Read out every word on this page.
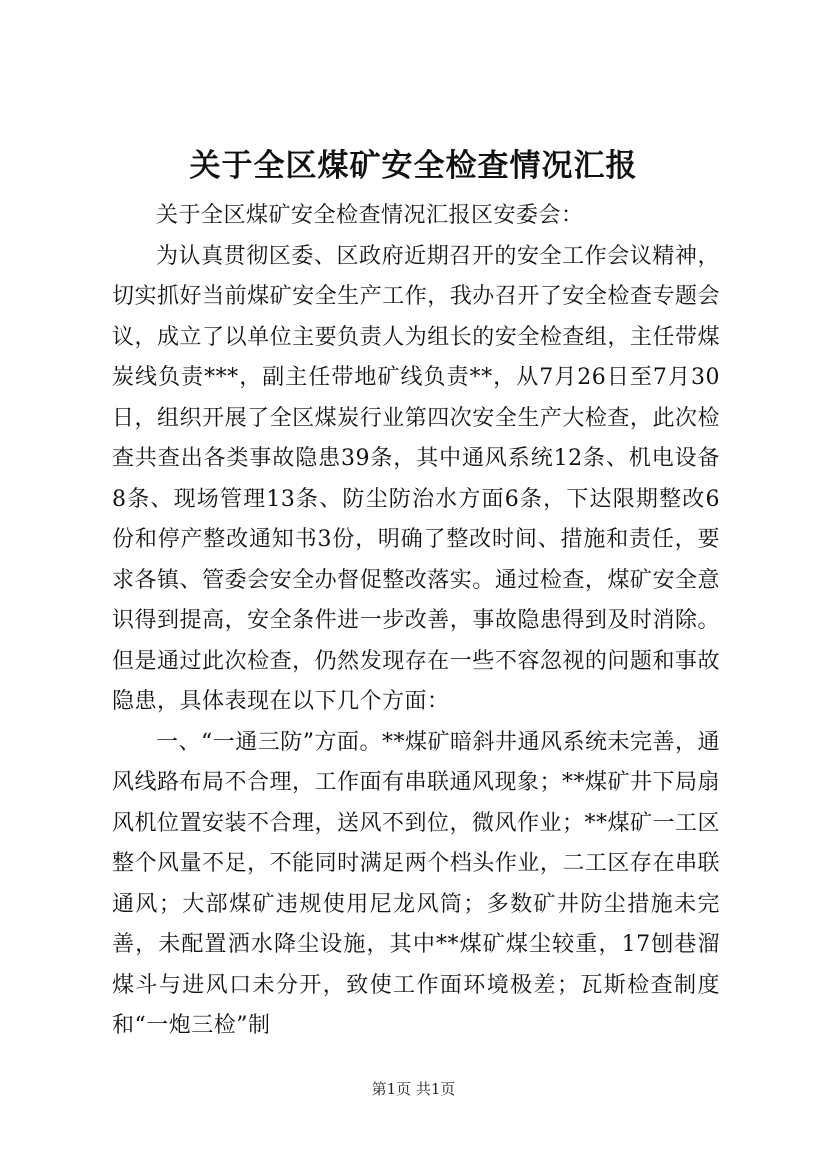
关于全区煤矿安全检查情况汇报

关于全区煤矿安全检查情况汇报区安委会：

为认真贯彻区委、区政府近期召开的安全工作会议精神，切实抓好当前煤矿安全生产工作，我办召开了安全检查专题会议，成立了以单位主要负责人为组长的安全检查组，主任带煤炭线负责***，副主任带地矿线负责**，从7月26日至7月30日，组织开展了全区煤炭行业第四次安全生产大检查，此次检查共查出各类事故隐患39条，其中通风系统12条、机电设备8条、现场管理13条、防尘防治水方面6条，下达限期整改6份和停产整改通知书3份，明确了整改时间、措施和责任，要求各镇、管委会安全办督促整改落实。通过检查，煤矿安全意识得到提高，安全条件进一步改善，事故隐患得到及时消除。但是通过此次检查，仍然发现存在一些不容忽视的问题和事故隐患，具体表现在以下几个方面：

一、“一通三防”方面。**煤矿暗斜井通风系统未完善，通风线路布局不合理，工作面有串联通风现象；**煤矿井下局扇风机位置安装不合理，送风不到位，微风作业；**煤矿一工区整个风量不足，不能同时满足两个档头作业，二工区存在串联通风；大部煤矿违规使用尼龙风筒；多数矿井防尘措施未完善，未配置洒水降尘设施，其中**煤矿煤尘较重，17刨巷溜煤斗与进风口未分开，致使工作面环境极差；瓦斯检查制度和“一炮三检”制

第1页 共1页
